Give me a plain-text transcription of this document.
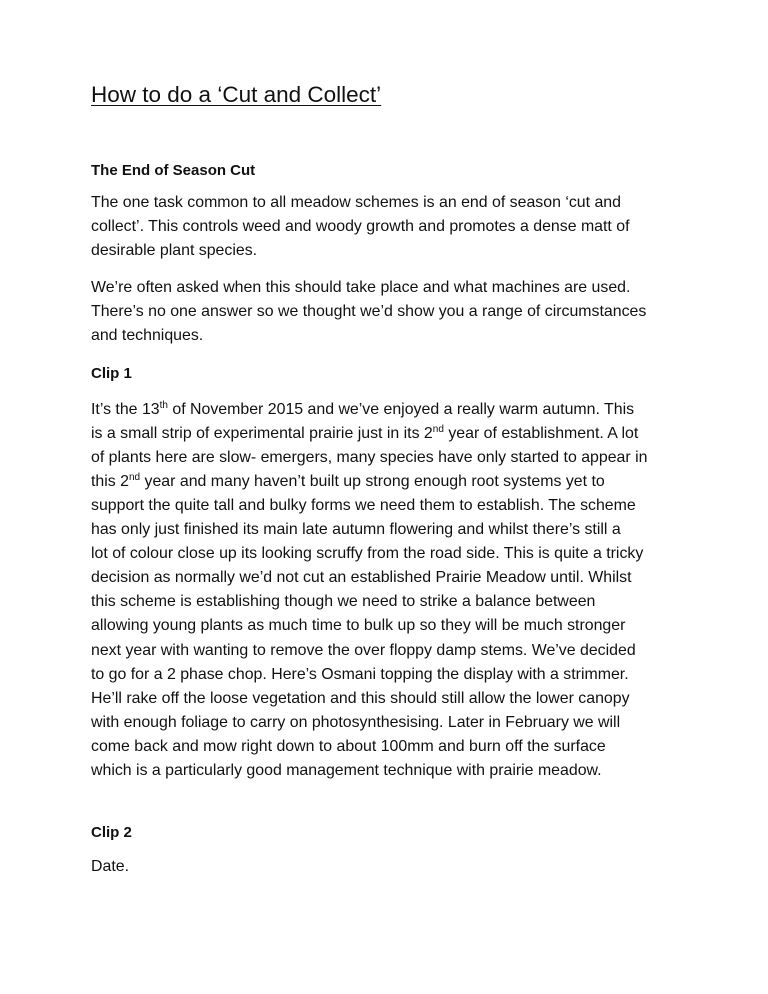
How to do a ‘Cut and Collect’
The End of Season Cut

The one task common to all meadow schemes is an end of season ‘cut and
collect’. This controls weed and woody growth and promotes a dense matt of
desirable plant species.

We’re often asked when this should take place and what machines are used.
There’s no one answer so we thought we’d show you a range of circumstances
and techniques.

Clip 1

It’s the 13th of November 2015 and we’ve enjoyed a really warm autumn. This
is a small strip of experimental prairie just in its 2nd year of establishment. A lot
of plants here are slow- emergers, many species have only started to appear in
this 2nd year and many haven’t built up strong enough root systems yet to
support the quite tall and bulky forms we need them to establish. The scheme
has only just finished its main late autumn flowering and whilst there’s still a
lot of colour close up its looking scruffy from the road side. This is quite a tricky
decision as normally we’d not cut an established Prairie Meadow until. Whilst
this scheme is establishing though we need to strike a balance between
allowing young plants as much time to bulk up so they will be much stronger
next year with wanting to remove the over floppy damp stems. We’ve decided
to go for a 2 phase chop. Here’s Osmani topping the display with a strimmer.
He’ll rake off the loose vegetation and this should still allow the lower canopy
with enough foliage to carry on photosynthesising. Later in February we will
come back and mow right down to about 100mm and burn off the surface
which is a particularly good management technique with prairie meadow.

Clip 2

Date.
